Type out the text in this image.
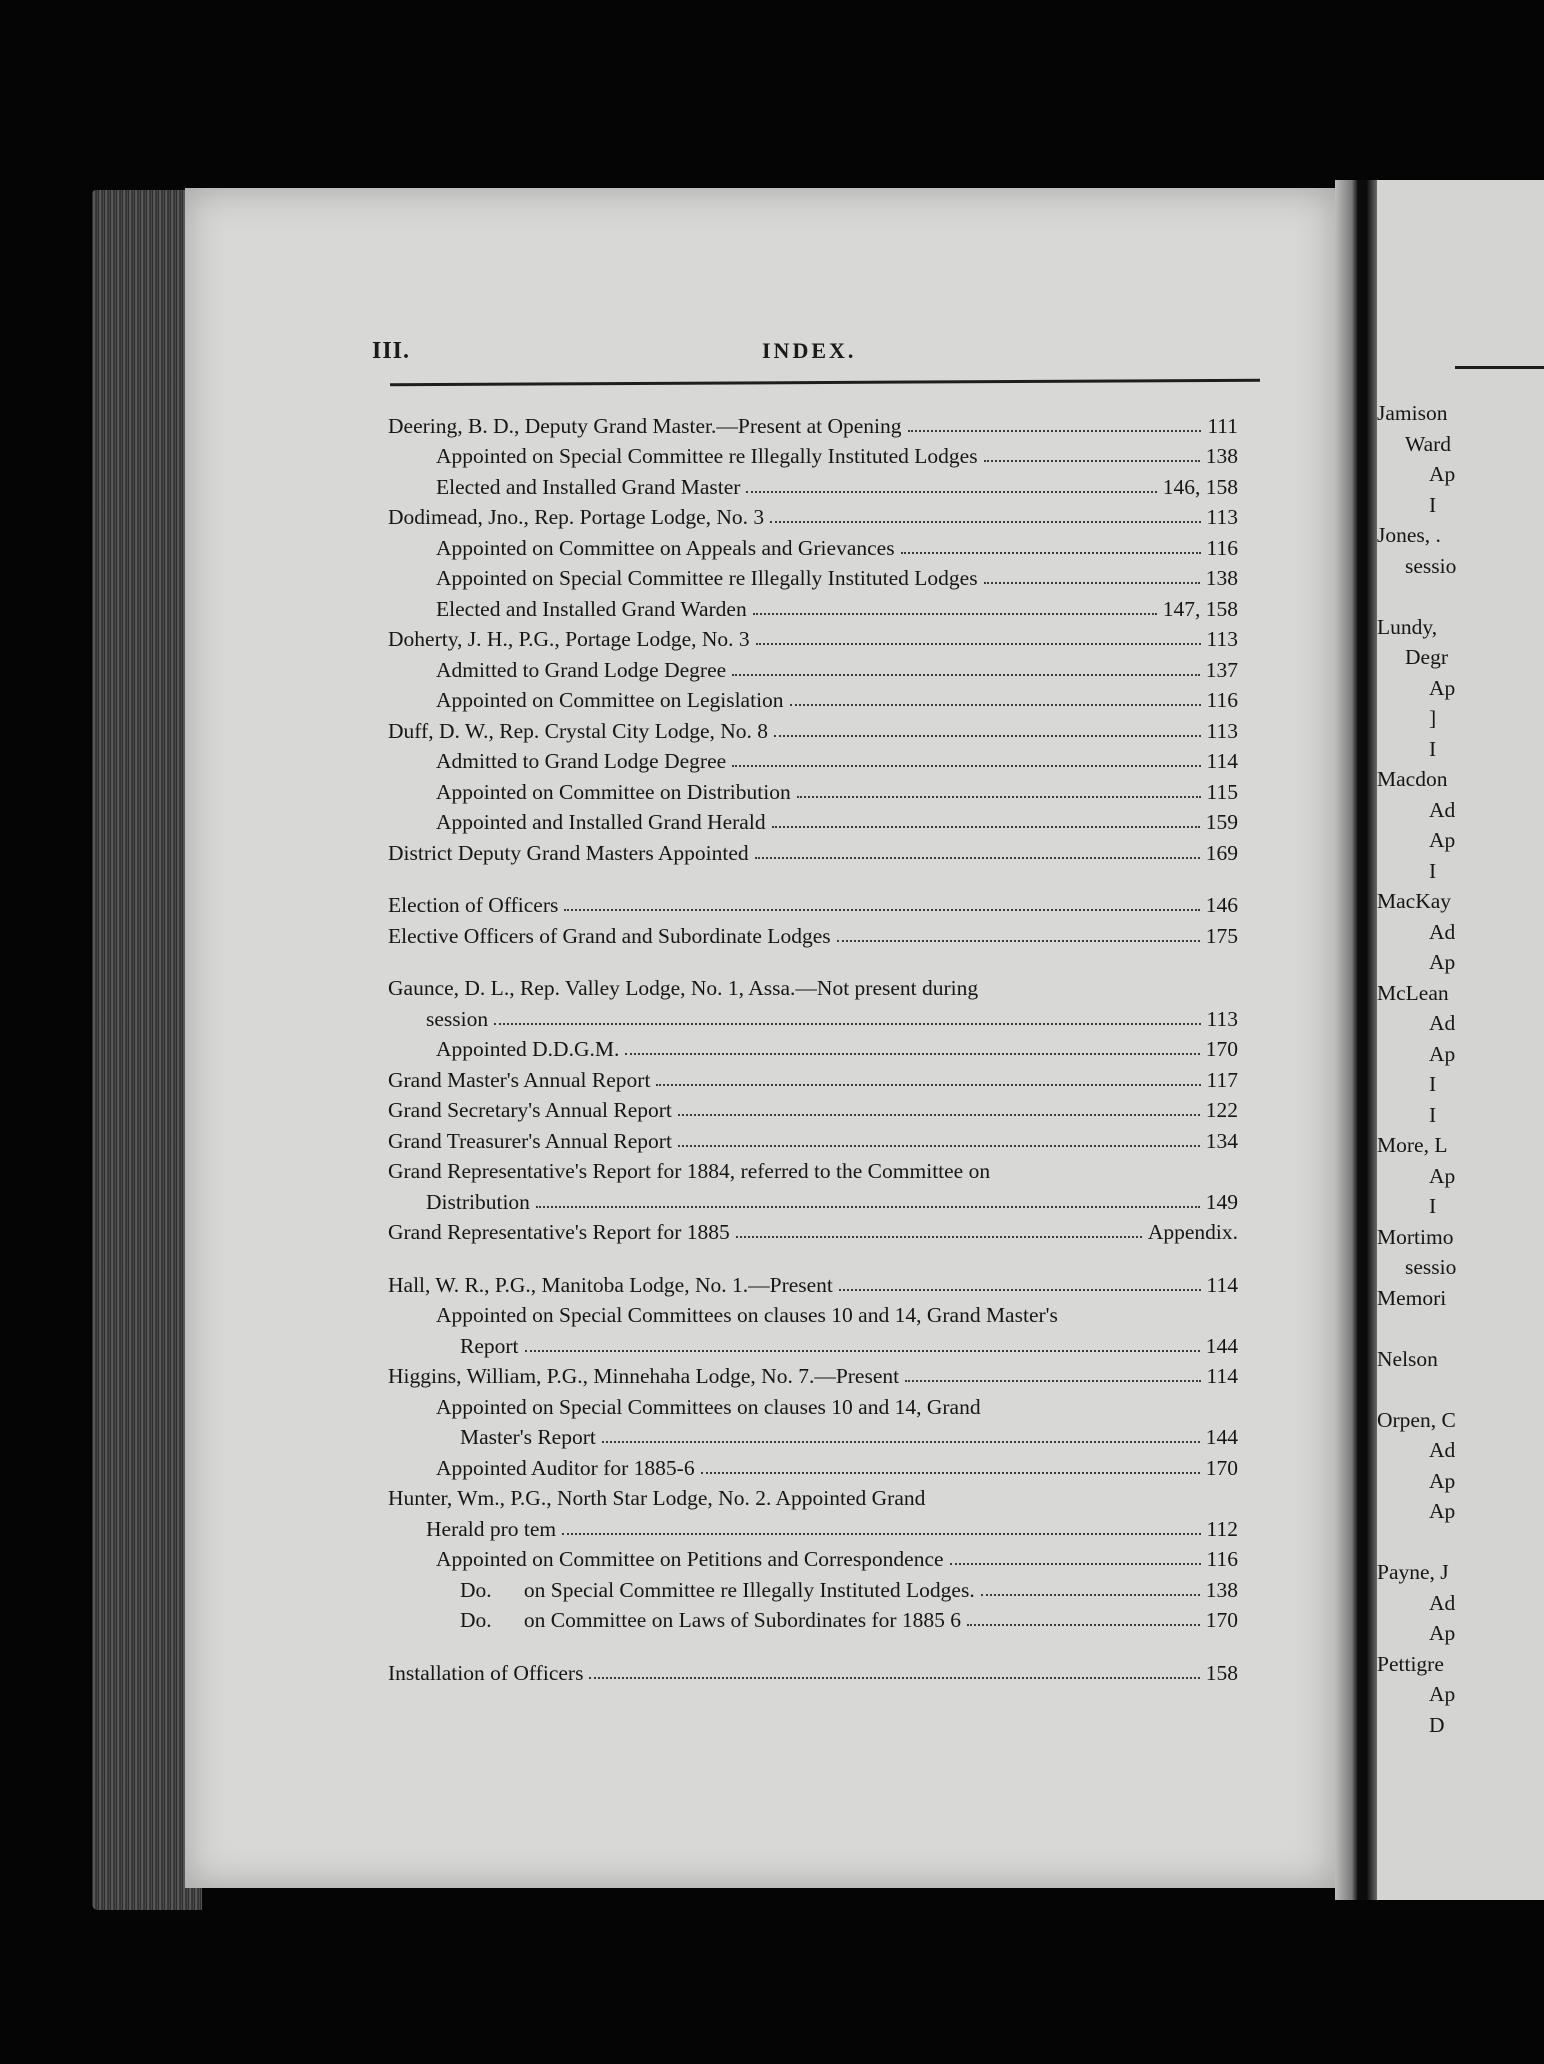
III.	INDEX.
Deering, B. D., Deputy Grand Master.—Present at Opening	111
Appointed on Special Committee re Illegally Instituted Lodges	138
Elected and Installed Grand Master	146, 158
Dodimead, Jno., Rep. Portage Lodge, No. 3	113
Appointed on Committee on Appeals and Grievances	116
Appointed on Special Committee re Illegally Instituted Lodges	138
Elected and Installed Grand Warden	147, 158
Doherty, J. H., P.G., Portage Lodge, No. 3	113
Admitted to Grand Lodge Degree	137
Appointed on Committee on Legislation	116
Duff, D. W., Rep. Crystal City Lodge, No. 8	113
Admitted to Grand Lodge Degree	114
Appointed on Committee on Distribution	115
Appointed and Installed Grand Herald	159
District Deputy Grand Masters Appointed	169
Election of Officers	146
Elective Officers of Grand and Subordinate Lodges	175
Gaunce, D. L., Rep. Valley Lodge, No. 1, Assa.—Not present during
session	113
Appointed D.D.G.M.	170
Grand Master's Annual Report	117
Grand Secretary's Annual Report	122
Grand Treasurer's Annual Report	134
Grand Representative's Report for 1884, referred to the Committee on
Distribution	149
Grand Representative's Report for 1885	Appendix.
Hall, W. R., P.G., Manitoba Lodge, No. 1.—Present	114
Appointed on Special Committees on clauses 10 and 14, Grand Master's
Report	144
Higgins, William, P.G., Minnehaha Lodge, No. 7.—Present	114
Appointed on Special Committees on clauses 10 and 14, Grand
Master's Report	144
Appointed Auditor for 1885-6	170
Hunter, Wm., P.G., North Star Lodge, No. 2. Appointed Grand
Herald pro tem	112
Appointed on Committee on Petitions and Correspondence	116
Do.      on Special Committee re Illegally Instituted Lodges.	138
Do.      on Committee on Laws of Subordinates for 1885 6	170
Installation of Officers	158
Jamison
Ward
Ap
I
Jones, .
sessio
Lundy,
Degr
Ap
]
I
Macdon
Ad
Ap
I
MacKay
Ad
Ap
McLean
Ad
Ap
I
I
More, L
Ap
I
Mortimo
sessio
Memori
Nelson
Orpen, C
Ad
Ap
Ap
Payne, J
Ad
Ap
Pettigre
Ap
D
